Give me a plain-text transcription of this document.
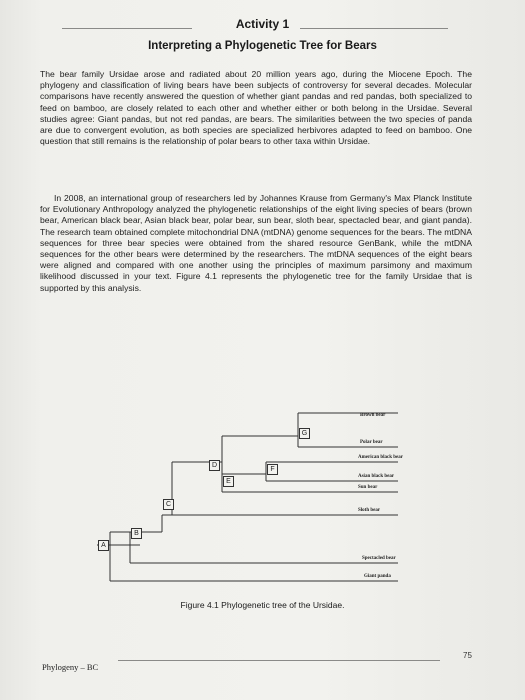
Activity 1
Interpreting a Phylogenetic Tree for Bears

The bear family Ursidae arose and radiated about 20 million years ago, during the Miocene Epoch. The phylogeny and classification of living bears have been subjects of controversy for several decades. Molecular comparisons have recently answered the question of whether giant pandas and red pandas, both specialized to feed on bamboo, are closely related to each other and whether either or both belong in the Ursidae. Several studies agree: Giant pandas, but not red pandas, are bears. The similarities between the two species of panda are due to convergent evolution, as both species are specialized herbivores adapted to feed on bamboo. One question that still remains is the relationship of polar bears to other taxa within Ursidae.

In 2008, an international group of researchers led by Johannes Krause from Germany's Max Planck Institute for Evolutionary Anthropology analyzed the phylogenetic relationships of the eight living species of bears (brown bear, American black bear, Asian black bear, polar bear, sun bear, sloth bear, spectacled bear, and giant panda). The research team obtained complete mitochondrial DNA (mtDNA) genome sequences for the bears. The mtDNA sequences for three bear species were obtained from the shared resource GenBank, while the mtDNA sequences for the other bears were determined by the researchers. The mtDNA sequences of the eight bears were aligned and compared with one another using the principles of maximum parsimony and maximum likelihood discussed in your text. Figure 4.1 represents the phylogenetic tree for the family Ursidae that is supported by this analysis.

A
B
C
D
E
F
G
Brown bear
Polar bear
American black bear
Asian black bear
Sun bear
Sloth bear
Spectacled bear
Giant panda
Figure 4.1 Phylogenetic tree of the Ursidae.
75
Phylogeny – BC
